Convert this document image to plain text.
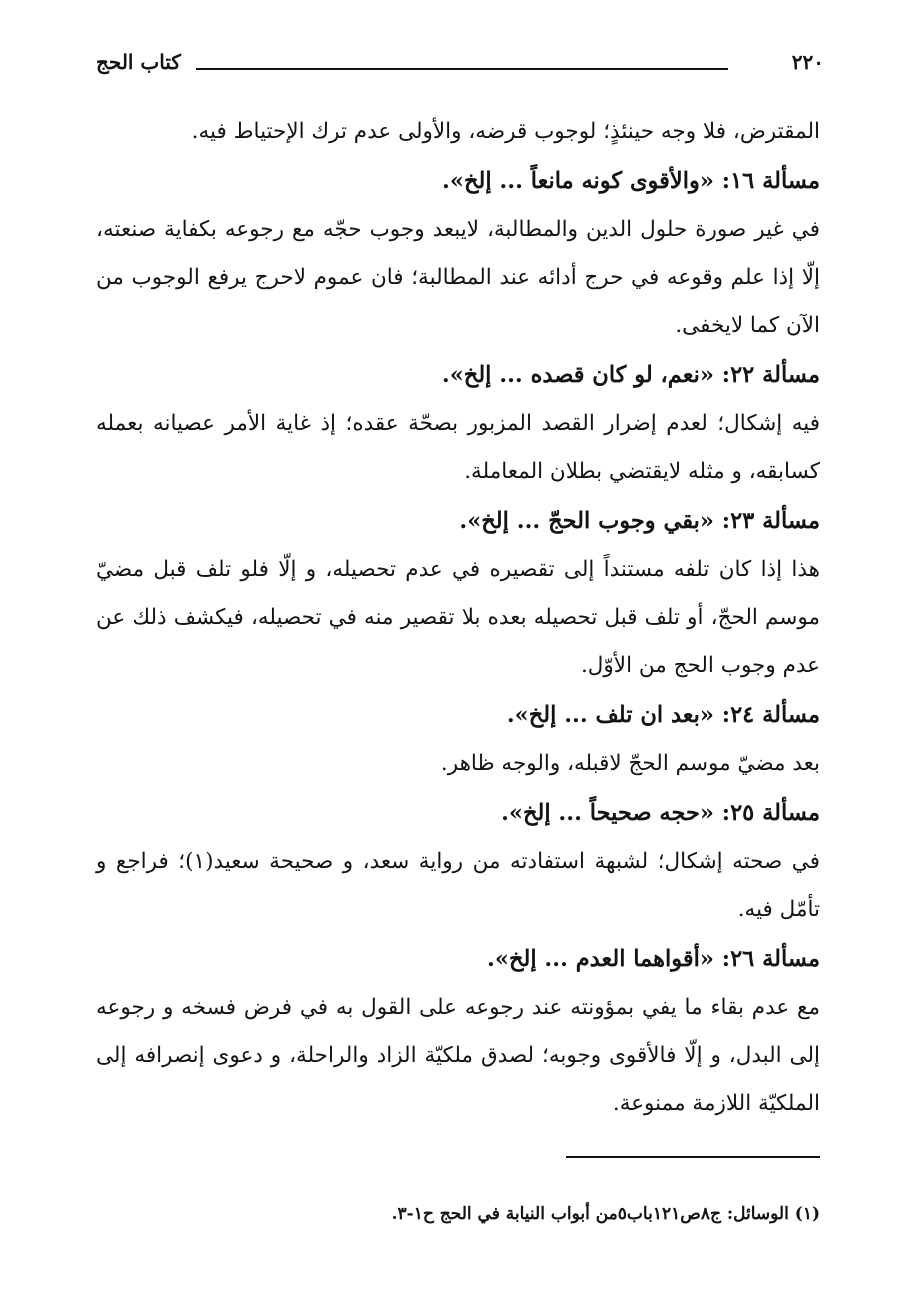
٢٢٠
كتاب الحج

المقترض، فلا وجه حينئذٍ؛ لوجوب قرضه، والأولى عدم ترك الإحتياط فيه.

مسألة ١٦: «والأقوى كونه مانعاً ... إلخ».

في غير صورة حلول الدين والمطالبة، لايبعد وجوب حجّه مع رجوعه بكفاية صنعته، إلّا إذا علم وقوعه في حرج أدائه عند المطالبة؛ فان عموم لاحرج يرفع الوجوب من الآن كما لايخفى.

مسألة ٢٢: «نعم، لو كان قصده ... إلخ».

فيه إشكال؛ لعدم إضرار القصد المزبور بصحّة عقده؛ إذ غاية الأمر عصيانه بعمله كسابقه، و مثله لايقتضي بطلان المعاملة.

مسألة ٢٣: «بقي وجوب الحجّ ... إلخ».

هذا إذا كان تلفه مستنداً إلى تقصيره في عدم تحصيله، و إلّا فلو تلف قبل مضيّ موسم الحجّ، أو تلف قبل تحصيله بعده بلا تقصير منه في تحصيله، فيكشف ذلك عن عدم وجوب الحج من الأوّل.

مسألة ٢٤: «بعد ان تلف ... إلخ».

بعد مضيّ موسم الحجّ لاقبله، والوجه ظاهر.

مسألة ٢٥: «حجه صحيحاً ... إلخ».

في صحته إشكال؛ لشبهة استفادته من رواية سعد، و صحيحة سعيد(١)؛ فراجع و تأمّل فيه.

مسألة ٢٦: «أقواهما العدم ... إلخ».

مع عدم بقاء ما يفي بمؤونته عند رجوعه على القول به في فرض فسخه و رجوعه إلى البدل، و إلّا فالأقوى وجوبه؛ لصدق ملكيّة الزاد والراحلة، و دعوى إنصرافه إلى الملكيّة اللازمة ممنوعة.

(١) الوسائل: ج٨ص١٢١باب٥من أبواب النيابة في الحج ح١-٣.
